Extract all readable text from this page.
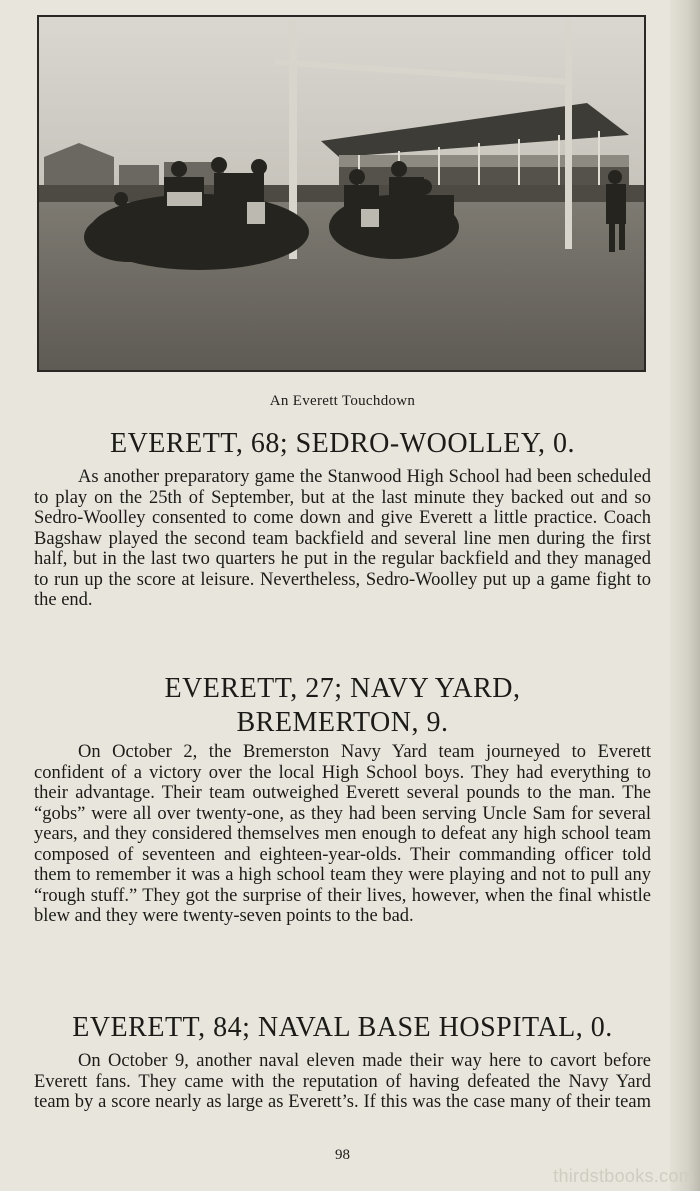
An Everett Touchdown
EVERETT, 68; SEDRO-WOOLLEY, 0.

As another preparatory game the Stanwood High School had been scheduled to play on the 25th of September, but at the last minute they backed out and so Sedro-Woolley consented to come down and give Everett a little practice. Coach Bagshaw played the second team backfield and several line men during the first half, but in the last two quarters he put in the regular backfield and they managed to run up the score at leisure. Nevertheless, Sedro-Woolley put up a game fight to the end.

EVERETT, 27; NAVY YARD,
BREMERTON, 9.

On October 2, the Bremerston Navy Yard team journeyed to Everett confident of a victory over the local High School boys. They had everything to their advantage. Their team outweighed Everett several pounds to the man. The “gobs” were all over twenty-one, as they had been serving Uncle Sam for several years, and they considered themselves men enough to defeat any high school team composed of seventeen and eighteen-year-olds. Their commanding officer told them to remember it was a high school team they were playing and not to pull any “rough stuff.” They got the surprise of their lives, however, when the final whistle blew and they were twenty-seven points to the bad.

EVERETT, 84; NAVAL BASE HOSPITAL, 0.

On October 9, another naval eleven made their way here to cavort before Everett fans. They came with the reputation of having defeated the Navy Yard team by a score nearly as large as Everett’s. If this was the case many of their team

98
thirdstbooks.com
